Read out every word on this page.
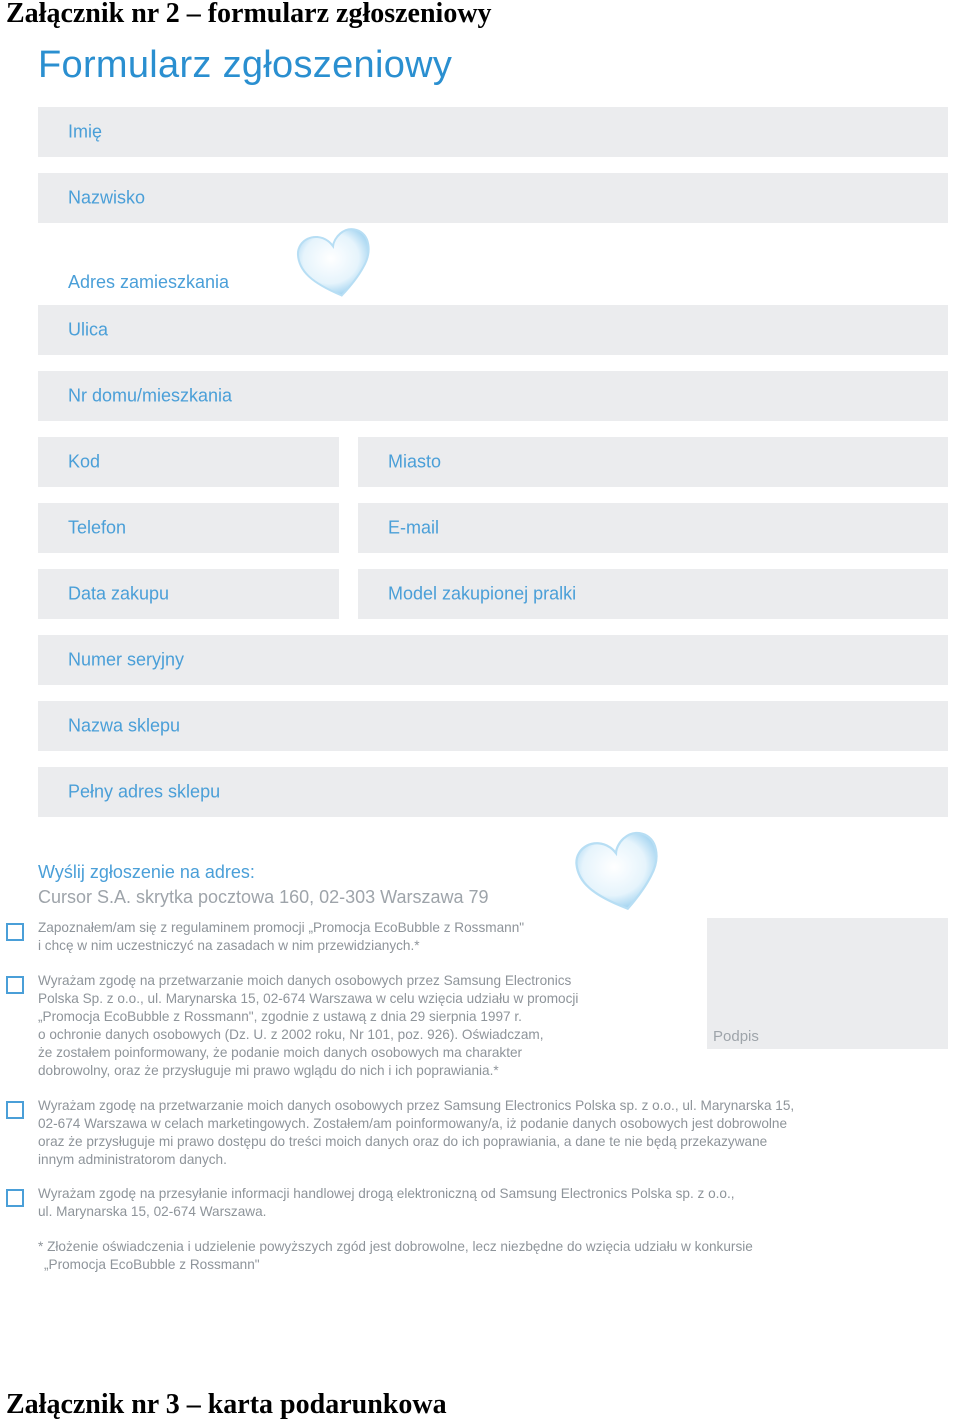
Załącznik nr 2 – formularz zgłoszeniowy
Formularz zgłoszeniowy
Imię
Nazwisko
Adres zamieszkania
Ulica
Nr domu/mieszkania
Kod	Miasto
Telefon	E-mail
Data zakupu	Model zakupionej pralki
Numer seryjny
Nazwa sklepu
Pełny adres sklepu
Wyślij zgłoszenie na adres:
Cursor S.A. skrytka pocztowa 160, 02-303 Warszawa 79
Zapoznałem/am się z regulaminem promocji „Promocja EcoBubble z Rossmann"
i chcę w nim uczestniczyć na zasadach w nim przewidzianych.*
Podpis
Wyrażam zgodę na przetwarzanie moich danych osobowych przez Samsung Electronics
Polska Sp. z o.o., ul. Marynarska 15, 02-674 Warszawa w celu wzięcia udziału w promocji
„Promocja EcoBubble z Rossmann", zgodnie z ustawą z dnia 29 sierpnia 1997 r.
o ochronie danych osobowych (Dz. U. z 2002 roku, Nr 101, poz. 926). Oświadczam,
że zostałem poinformowany, że podanie moich danych osobowych ma charakter
dobrowolny, oraz że przysługuje mi prawo wglądu do nich i ich poprawiania.*
Wyrażam zgodę na przetwarzanie moich danych osobowych przez Samsung Electronics Polska sp. z o.o., ul. Marynarska 15,
02-674 Warszawa w celach marketingowych. Zostałem/am poinformowany/a, iż podanie danych osobowych jest dobrowolne
oraz że przysługuje mi prawo dostępu do treści moich danych oraz do ich poprawiania, a dane te nie będą przekazywane
innym administratorom danych.
Wyrażam zgodę na przesyłanie informacji handlowej drogą elektroniczną od Samsung Electronics Polska sp. z o.o.,
ul. Marynarska 15, 02-674 Warszawa.
* Złożenie oświadczenia i udzielenie powyższych zgód jest dobrowolne, lecz niezbędne do wzięcia udziału w konkursie
„Promocja EcoBubble z Rossmann"
Załącznik nr 3 – karta podarunkowa
